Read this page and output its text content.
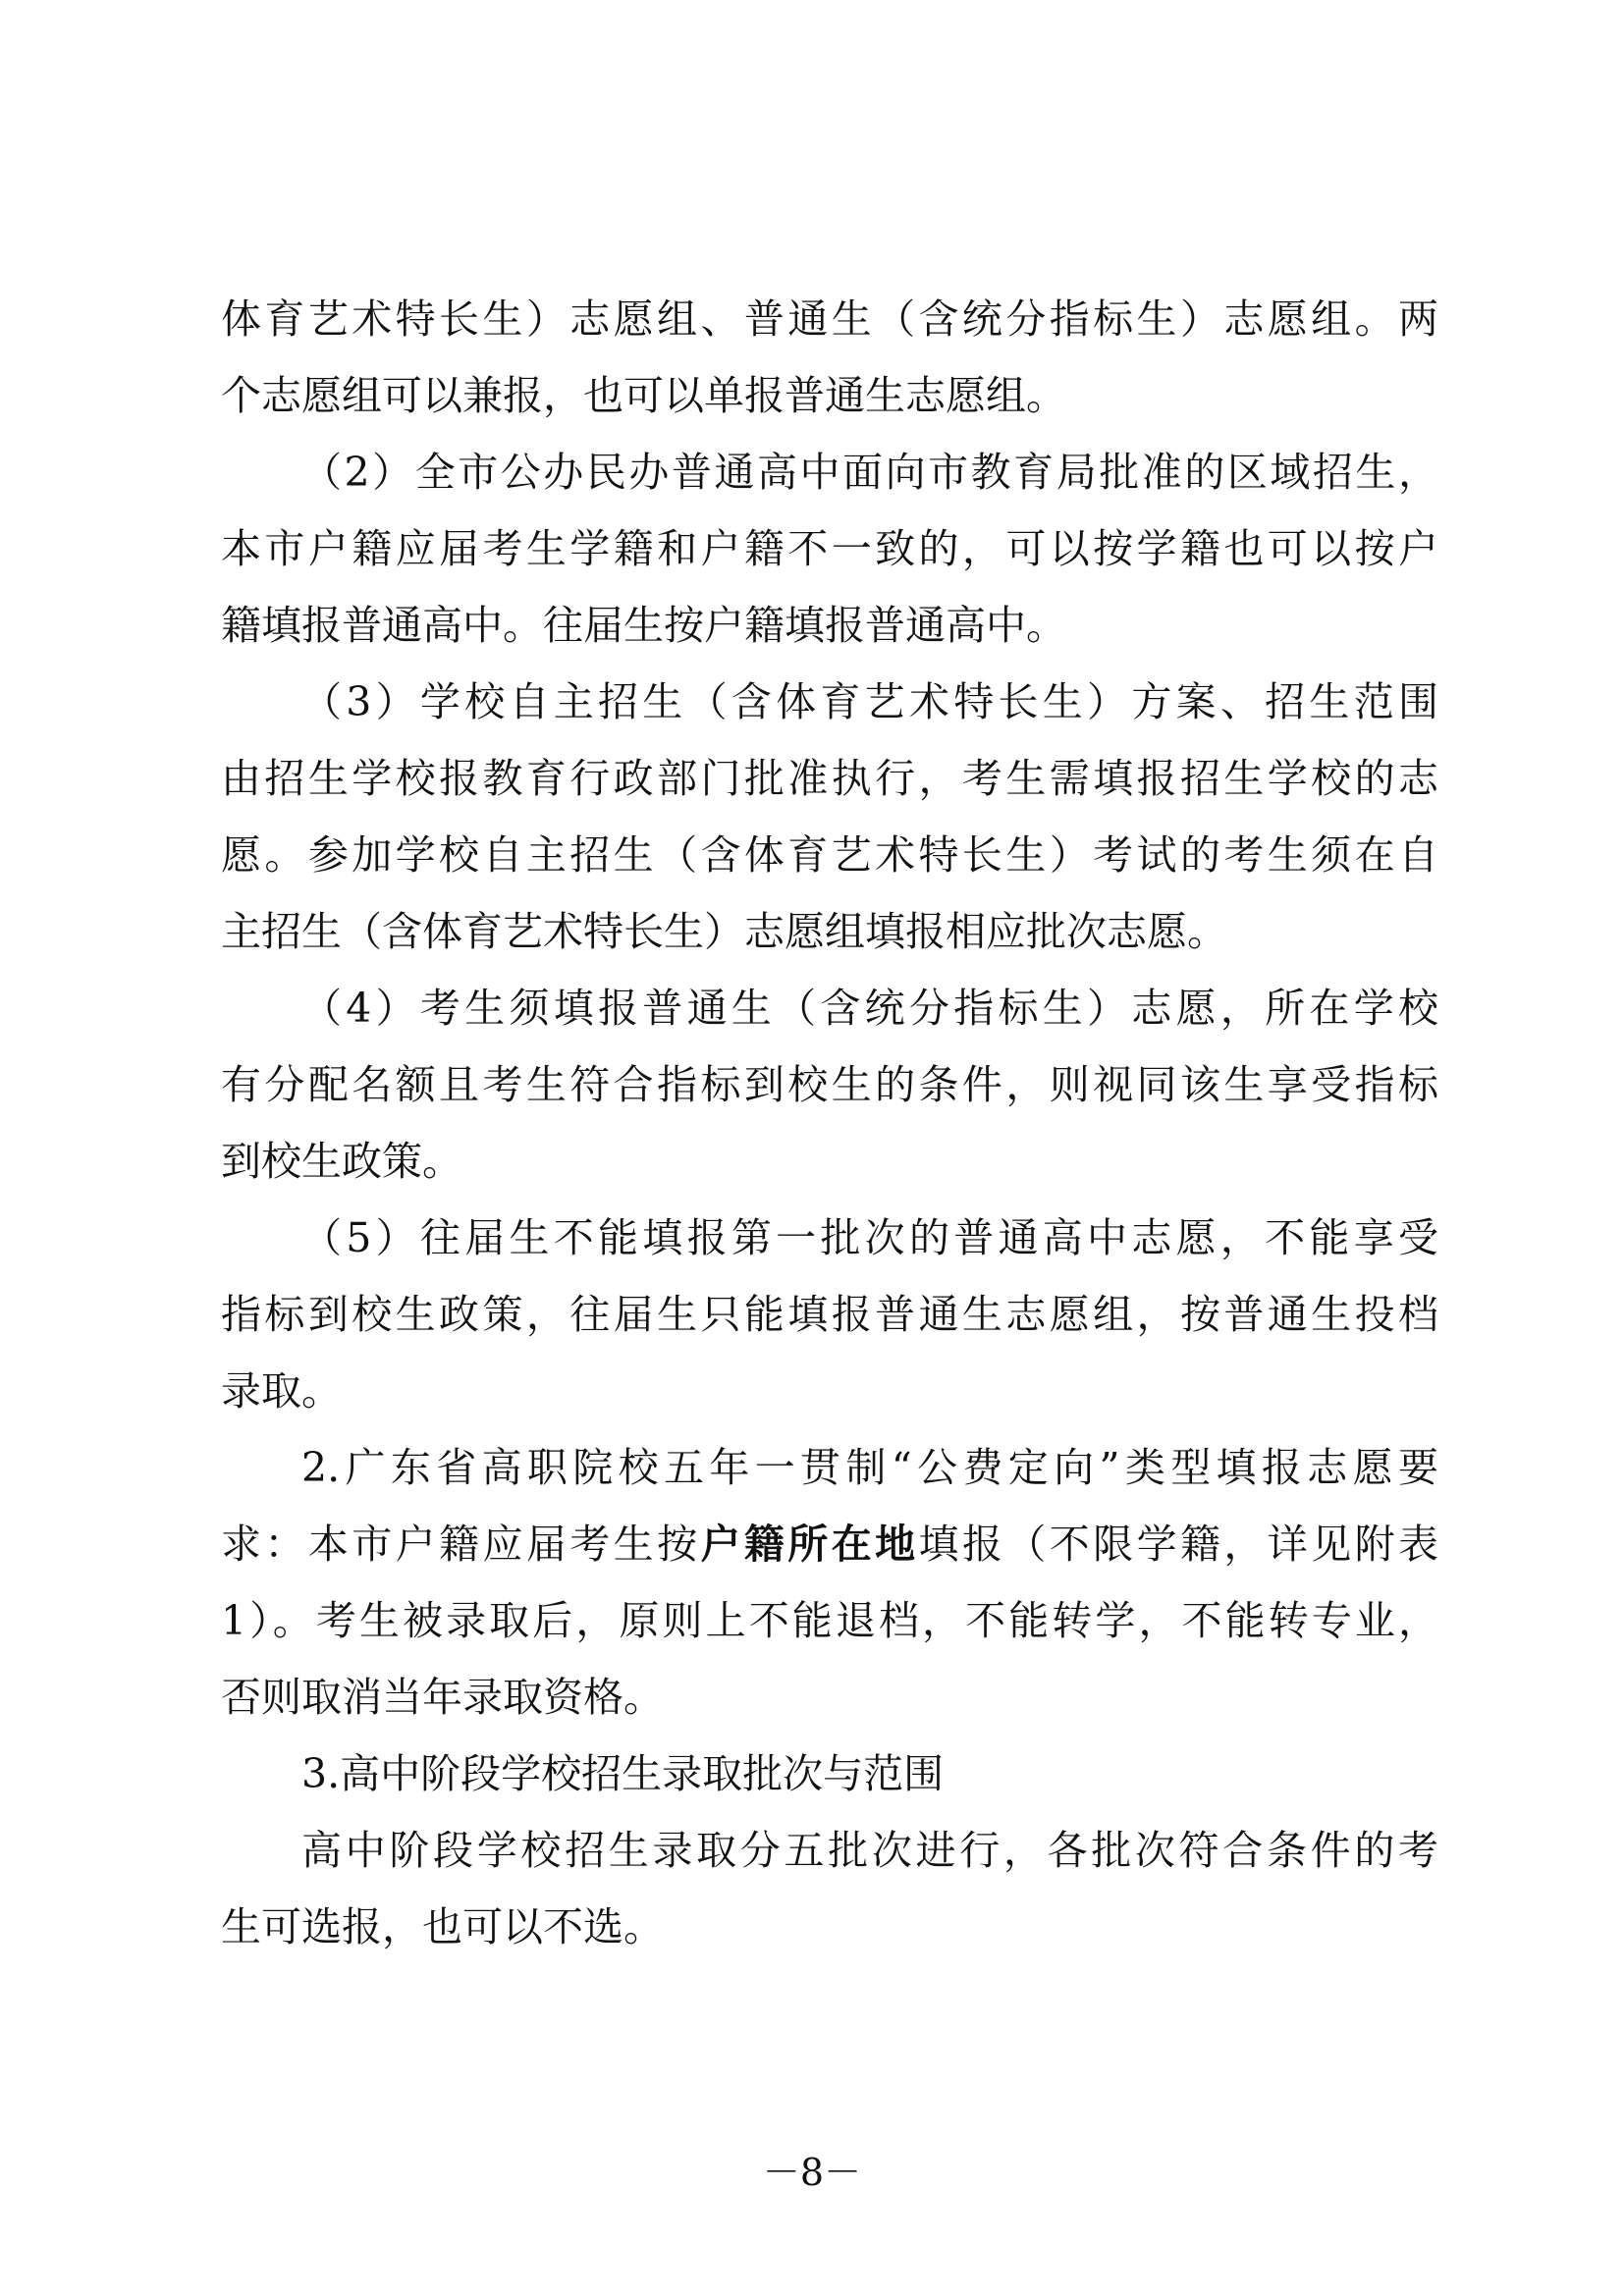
体育艺术特长生）志愿组、普通生（含统分指标生）志愿组。两
个志愿组可以兼报，也可以单报普通生志愿组。
（2）全市公办民办普通高中面向市教育局批准的区域招生，
本市户籍应届考生学籍和户籍不一致的，可以按学籍也可以按户
籍填报普通高中。往届生按户籍填报普通高中。
（3）学校自主招生（含体育艺术特长生）方案、招生范围
由招生学校报教育行政部门批准执行，考生需填报招生学校的志
愿。参加学校自主招生（含体育艺术特长生）考试的考生须在自
主招生（含体育艺术特长生）志愿组填报相应批次志愿。
（4）考生须填报普通生（含统分指标生）志愿，所在学校
有分配名额且考生符合指标到校生的条件，则视同该生享受指标
到校生政策。
（5）往届生不能填报第一批次的普通高中志愿，不能享受
指标到校生政策，往届生只能填报普通生志愿组，按普通生投档
录取。
2.广东省高职院校五年一贯制“公费定向”类型填报志愿要
求：本市户籍应届考生按户籍所在地填报（不限学籍，详见附表
1）。考生被录取后，原则上不能退档，不能转学，不能转专业，
否则取消当年录取资格。
3.高中阶段学校招生录取批次与范围
高中阶段学校招生录取分五批次进行，各批次符合条件的考
生可选报，也可以不选。
－8－
